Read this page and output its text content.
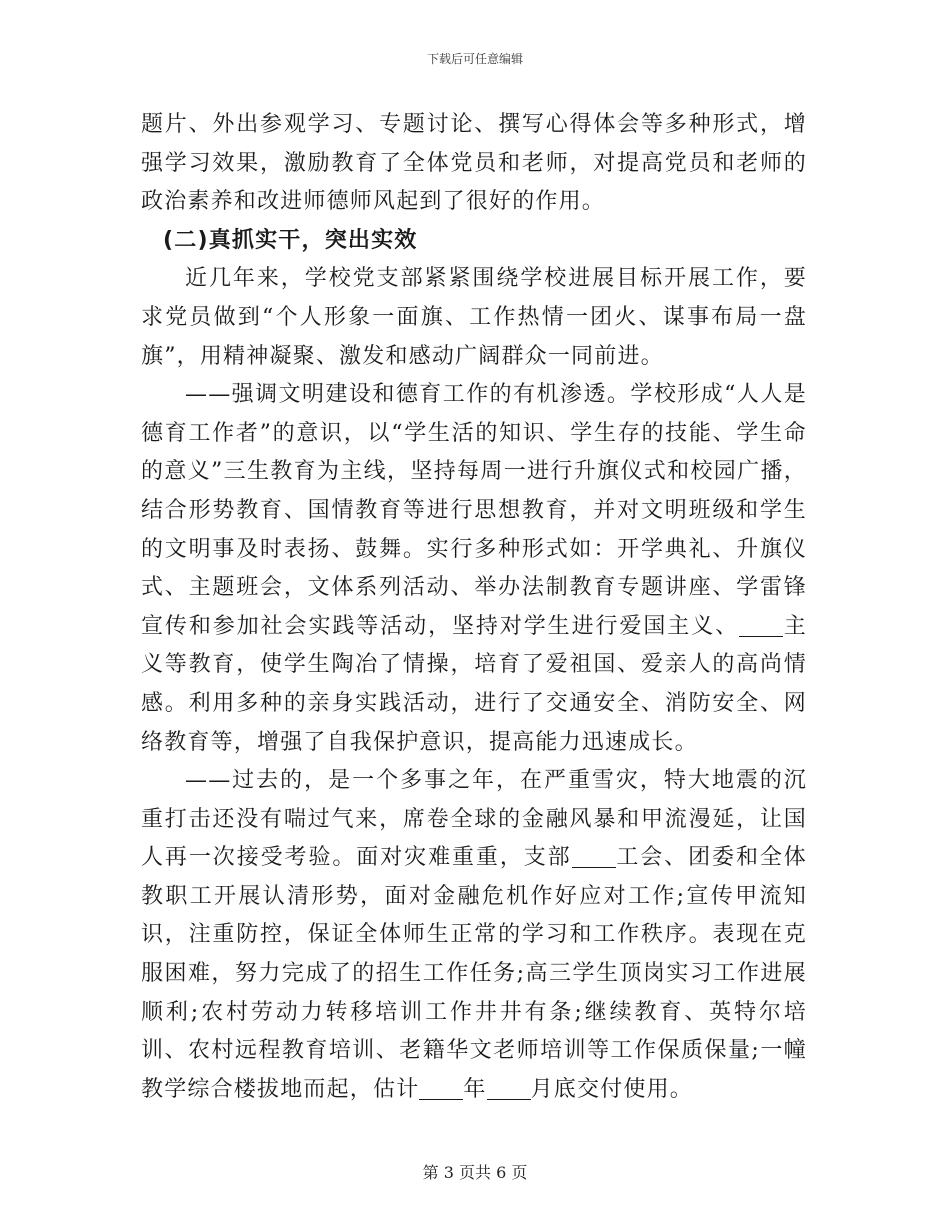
下载后可任意编辑

题片、外出参观学习、专题讨论、撰写心得体会等多种形式，增强学习效果，激励教育了全体党员和老师，对提高党员和老师的政治素养和改进师德师风起到了很好的作用。

(二)真抓实干，突出实效

近几年来，学校党支部紧紧围绕学校进展目标开展工作，要求党员做到“个人形象一面旗、工作热情一团火、谋事布局一盘旗”，用精神凝聚、激发和感动广阔群众一同前进。

——强调文明建设和德育工作的有机渗透。学校形成“人人是德育工作者”的意识，以“学生活的知识、学生存的技能、学生命的意义”三生教育为主线，坚持每周一进行升旗仪式和校园广播，结合形势教育、国情教育等进行思想教育，并对文明班级和学生的文明事及时表扬、鼓舞。实行多种形式如：开学典礼、升旗仪式、主题班会，文体系列活动、举办法制教育专题讲座、学雷锋宣传和参加社会实践等活动，坚持对学生进行爱国主义、 主义等教育，使学生陶冶了情操，培育了爱祖国、爱亲人的高尚情感。利用多种的亲身实践活动，进行了交通安全、消防安全、网络教育等，增强了自我保护意识，提高能力迅速成长。

——过去的，是一个多事之年，在严重雪灾，特大地震的沉重打击还没有喘过气来，席卷全球的金融风暴和甲流漫延，让国人再一次接受考验。面对灾难重重，支部 工会、团委和全体教职工开展认清形势，面对金融危机作好应对工作;宣传甲流知识，注重防控，保证全体师生正常的学习和工作秩序。表现在克服困难，努力完成了的招生工作任务;高三学生顶岗实习工作进展顺利;农村劳动力转移培训工作井井有条;继续教育、英特尔培训、农村远程教育培训、老籍华文老师培训等工作保质保量;一幢教学综合楼拔地而起，估计 年 月底交付使用。

第 3 页共 6 页
